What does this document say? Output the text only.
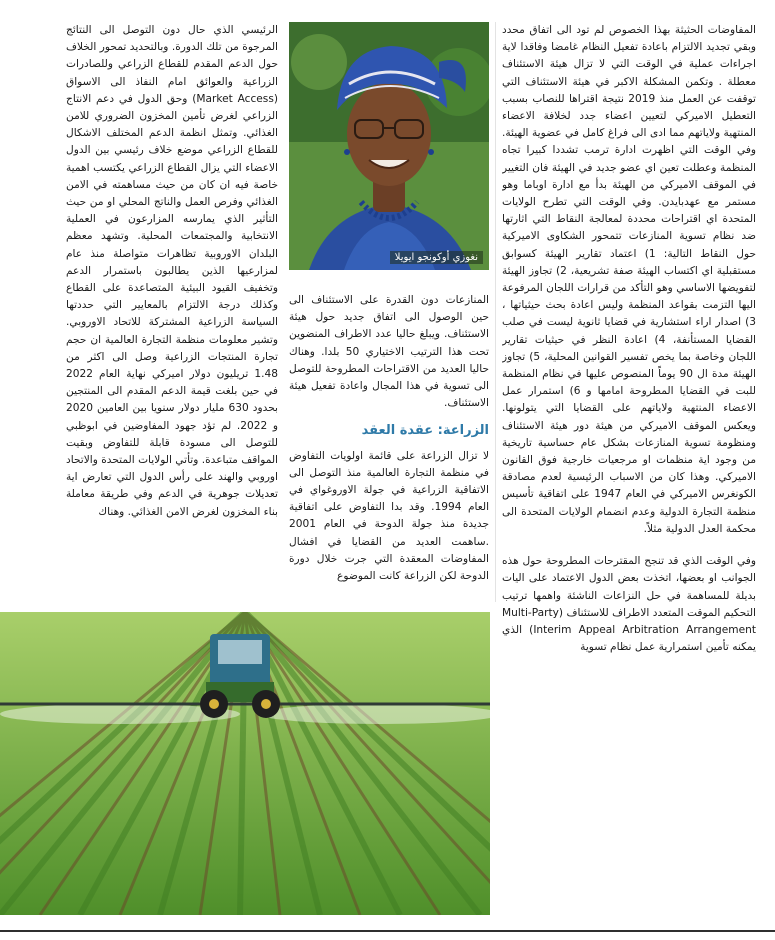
المفاوضات الحثيثة بهذا الخصوص لم تود الى اتفاق محدد وبقي تجديد الالتزام باعادة تفعيل النظام غامضا وفاقدا لاية اجراءات عملية في الوقت التي لا تزال هيئة الاستئناف معطلة . وتكمن المشكلة الاكبر في هيئة الاستئناف التي توقفت عن العمل منذ 2019 نتيجة اقتراها للنصاب بسبب التعطيل الاميركي لتعيين اعضاء جدد لخلافة الاعضاء المنتهية ولاياتهم مما ادى الى فراغ كامل في عضوية الهيئة. وفي الوقت التي اظهرت ادارة ترمب تشددا كبيرا تجاه المنظمة وعطلت تعين اي عضو جديد في الهيئة فان التغيير في الموقف الاميركي من الهيئة بدأ مع ادارة اوباما وهو مستمر مع عهدبايدن. وفي الوقت التي تطرح الولايات المتحدة اي اقتراحات محددة لمعالجة النقاط التي اثارتها ضد نظام تسوية المنازعات تتمحور الشكاوى الاميركية حول النقاط التالية: 1) اعتماد تقارير الهيئة كسوابق مستقبلية اي اكتساب الهيئة صفة تشريعية، 2) تجاوز الهيئة لتفويضها الاساسي وهو التأكد من قرارات اللجان المرفوعة اليها التزمت بقواعد المنظمة وليس اعادة بحث حيثياتها ، 3) اصدار اراء استشارية في قضايا ثانوية ليست في صلب القضايا المستأنفة، 4) اعادة النظر في حيثيات تقارير اللجان وخاصة بما يخص تفسير القوانين المحلية، 5) تجاوز الهيئة مدة ال 90 يوماً المنصوص عليها في نظام المنظمة للبت في القضايا المطروحة امامها و 6) استمرار عمل الاعضاء المنتهية ولاياتهم على القضايا التي يتولونها. ويعكس الموقف الاميركي من هيئة دور هيئة الاستئناف ومنظومة تسوية المنازعات بشكل عام حساسية تاريخية من وجود اية منظمات او مرجعيات خارجية فوق القانون الاميركي. وهذا كان من الاسباب الرئيسية لعدم مصادقة الكونغرس الاميركي في العام 1947 على اتفاقية تأسيس منظمة التجارة الدولية وعدم انضمام الولايات المتحدة الى محكمة العدل الدولية مثلاً.

وفي الوقت الذي قد تنجح المقترحات المطروحة حول هذه الجوانب او بعضها، اتخذت بعض الدول الاعتماد على اليات بديلة للمساهمة في حل النزاعات الناشئة واهمها ترتيب التحكيم الموقت المتعدد الاطراف للاستئناف (Multi-Party Interim Appeal Arbitration Arrangement) الذي يمكنه تأمين استمرارية عمل نظام تسوية

نغوزي أوكونجو ايويلا

المنازعات دون القدرة على الاستئناف الى حين الوصول الى اتفاق جديد حول هيئة الاستئناف. ويبلغ حاليا عدد الاطراف المنضوين تحت هذا الترتيب الاختياري 50 بلدا. وهناك حاليا العديد من الاقتراحات المطروحة للتوصل الى تسوية في هذا المجال واعادة تفعيل هيئة الاستئناف.

الزراعة: عقدة العقد

لا تزال الزراعة على قائمة اولويات التفاوض في منظمة التجارة العالمية منذ التوصل الى الاتفاقية الزراعية في جولة الاوروغواي في العام 1994. وقد بدا التفاوض على اتفاقية جديدة منذ جولة الدوحة في العام 2001 .ساهمت العديد من القضايا في افشال المفاوضات المعقدة التي جرت خلال دورة الدوحة لكن الزراعة كانت الموضوع

الرئيسي الذي حال دون التوصل الى النتائج المرجوة من تلك الدورة. وبالتحديد تمحور الخلاف حول الدعم المقدم للقطاع الزراعي وللصادرات الزراعية والعوائق امام النفاذ الى الاسواق (Market Access) وحق الدول في دعم الانتاج الزراعي لغرض تأمين المخزون الضروري للامن الغذائي. وتمثل انظمة الدعم المختلف الاشكال للقطاع الزراعي موضع خلاف رئيسي بين الدول الاعضاء التي يزال القطاع الزراعي يكتسب اهمية خاصة فيه ان كان من حيث مساهمته في الامن الغذائي وفرص العمل والناتج المحلي او من حيث التأثير الذي يمارسه المزارعون في العملية الانتخابية والمجتمعات المحلية. وتشهد معظم البلدان الاوروبية تظاهرات متواصلة منذ عام لمزارعيها الذين يطالبون باستمرار الدعم وتخفيف القيود البيئية المتصاعدة على القطاع وكذلك درجة الالتزام بالمعايير التي حددتها السياسة الزراعية المشتركة للاتحاد الاوروبي. وتشير معلومات منظمة التجارة العالمية ان حجم تجارة المنتجات الزراعية وصل الى اكثر من 1.48 تريليون دولار اميركي نهاية العام 2022 في حين بلغت قيمة الدعم المقدم الى المنتجين بحدود 630 مليار دولار سنويا بين العامين 2020 و 2022. لم تؤد جهود المفاوضين في ابوظبي للتوصل الى مسودة قابلة للتفاوض وبقيت المواقف متباعدة. وتأتي الولايات المتحدة والاتحاد اوروبي والهند على رأس الدول التي تعارض اية تعديلات جوهرية في الدعم وفي طريقة معاملة بناء المخزون لغرض الامن الغذائي. وهناك
